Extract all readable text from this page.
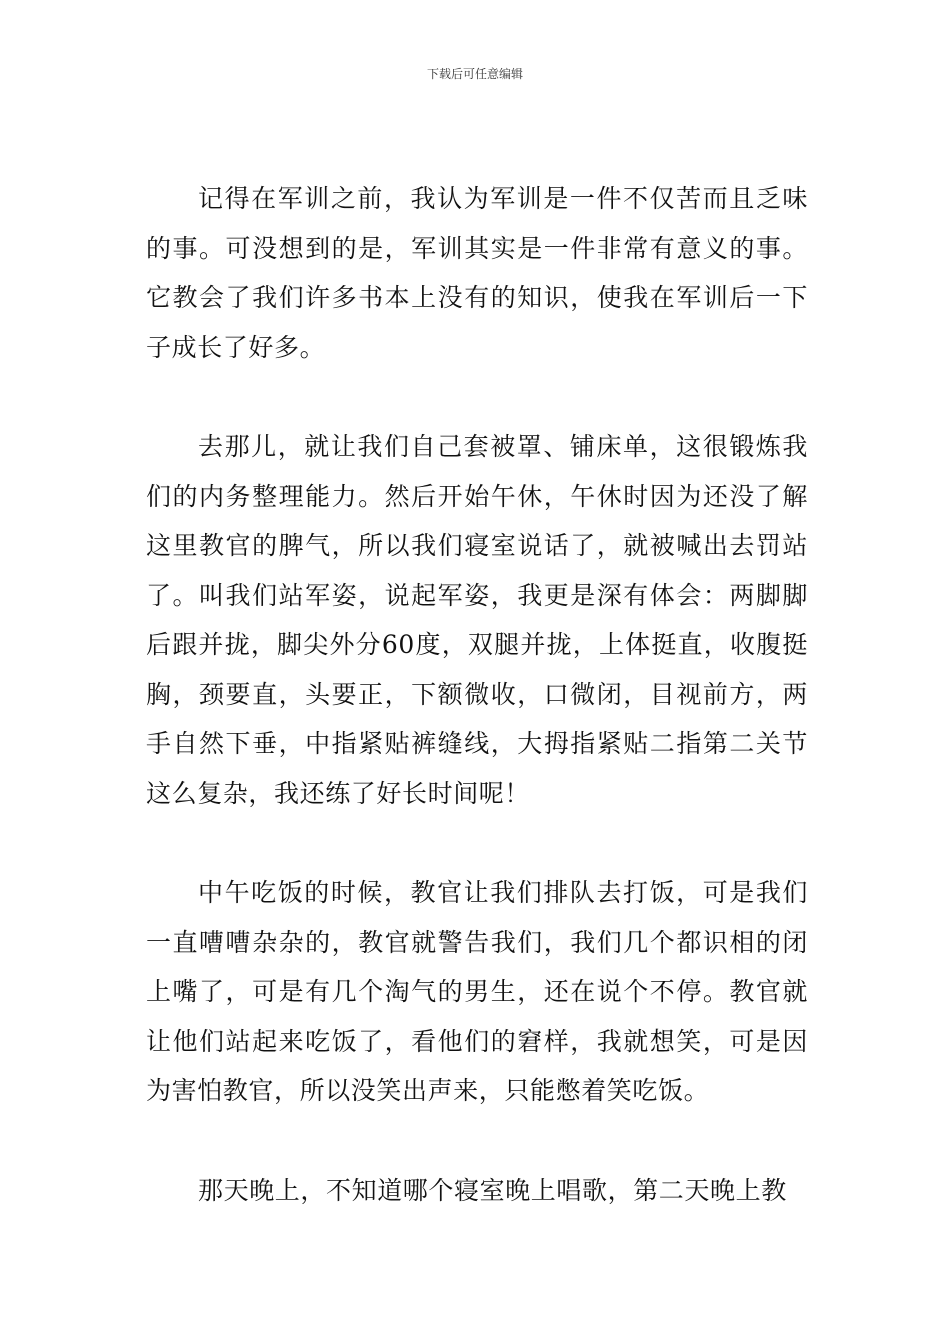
下载后可任意编辑

记得在军训之前，我认为军训是一件不仅苦而且乏味的事。可没想到的是，军训其实是一件非常有意义的事。它教会了我们许多书本上没有的知识，使我在军训后一下子成长了好多。

去那儿，就让我们自己套被罩、铺床单，这很锻炼我们的内务整理能力。然后开始午休，午休时因为还没了解这里教官的脾气，所以我们寝室说话了，就被喊出去罚站了。叫我们站军姿，说起军姿，我更是深有体会：两脚脚后跟并拢，脚尖外分60度，双腿并拢，上体挺直，收腹挺胸，颈要直，头要正，下额微收，口微闭，目视前方，两手自然下垂，中指紧贴裤缝线，大拇指紧贴二指第二关节这么复杂，我还练了好长时间呢！

中午吃饭的时候，教官让我们排队去打饭，可是我们一直嘈嘈杂杂的，教官就警告我们，我们几个都识相的闭上嘴了，可是有几个淘气的男生，还在说个不停。教官就让他们站起来吃饭了，看他们的窘样，我就想笑，可是因为害怕教官，所以没笑出声来，只能憋着笑吃饭。

那天晚上，不知道哪个寝室晚上唱歌，第二天晚上教
